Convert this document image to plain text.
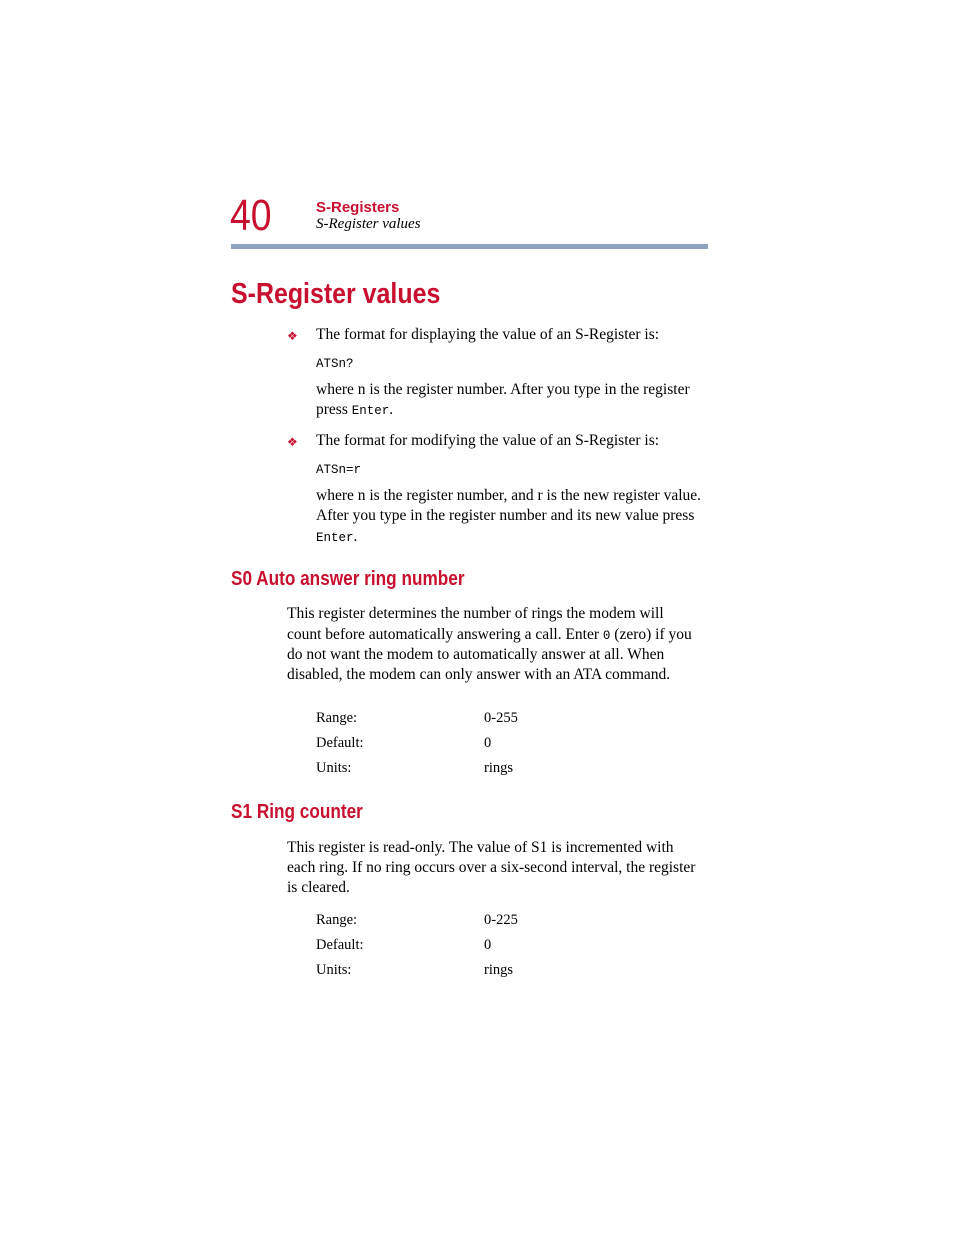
40	S-Registers
S-Register values
S-Register values
❖ The format for displaying the value of an S-Register is:
ATSn?
where n is the register number. After you type in the register press Enter.
❖ The format for modifying the value of an S-Register is:
ATSn=r
where n is the register number, and r is the new register value.
After you type in the register number and its new value press
Enter.
S0 Auto answer ring number
This register determines the number of rings the modem will
count before automatically answering a call. Enter 0 (zero) if you
do not want the modem to automatically answer at all. When
disabled, the modem can only answer with an ATA command.
Range:	0-255
Default:	0
Units:	rings
S1 Ring counter
This register is read-only. The value of S1 is incremented with
each ring. If no ring occurs over a six-second interval, the register
is cleared.
Range:	0-225
Default:	0
Units:	rings
